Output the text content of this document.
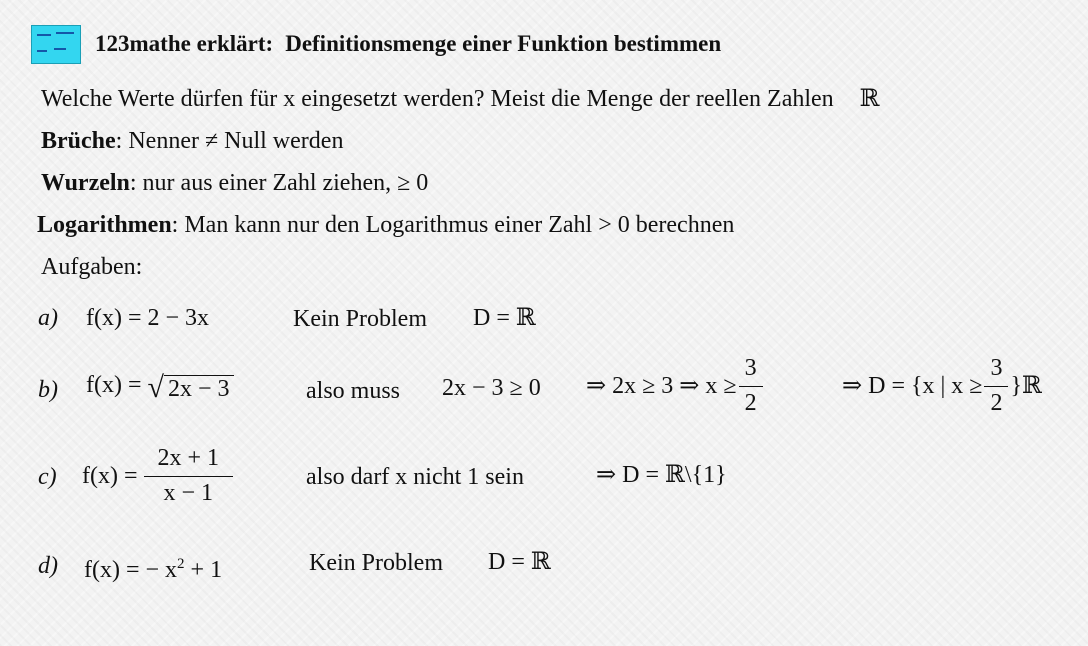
123mathe erklärt: Definitionsmenge einer Funktion bestimmen
Welche Werte dürfen für x eingesetzt werden? Meist die Menge der reellen Zahlen ℝ
Brüche: Nenner ≠ Null werden
Wurzeln: nur aus einer Zahl ziehen, ≥ 0
Logarithmen: Man kann nur den Logarithmus einer Zahl > 0 berechnen
Aufgaben:
a) f(x) = 2 − 3x	Kein Problem D = ℝ
b) f(x) = √ 2x − 3	also muss 2x − 3 ≥ 0 ⇒ 2x ≥ 3 ⇒ $x \ge \frac{3}{2}$	⇒ D = {x | $x \ge \frac{3}{2}$ }ℝ
c) $f(x) = \frac{2x + 1}{x - 1}$	also darf x nicht 1 sein	⇒ D = ℝ\{1}
d) f(x) = − $x^2 + 1$	Kein Problem D = ℝ
